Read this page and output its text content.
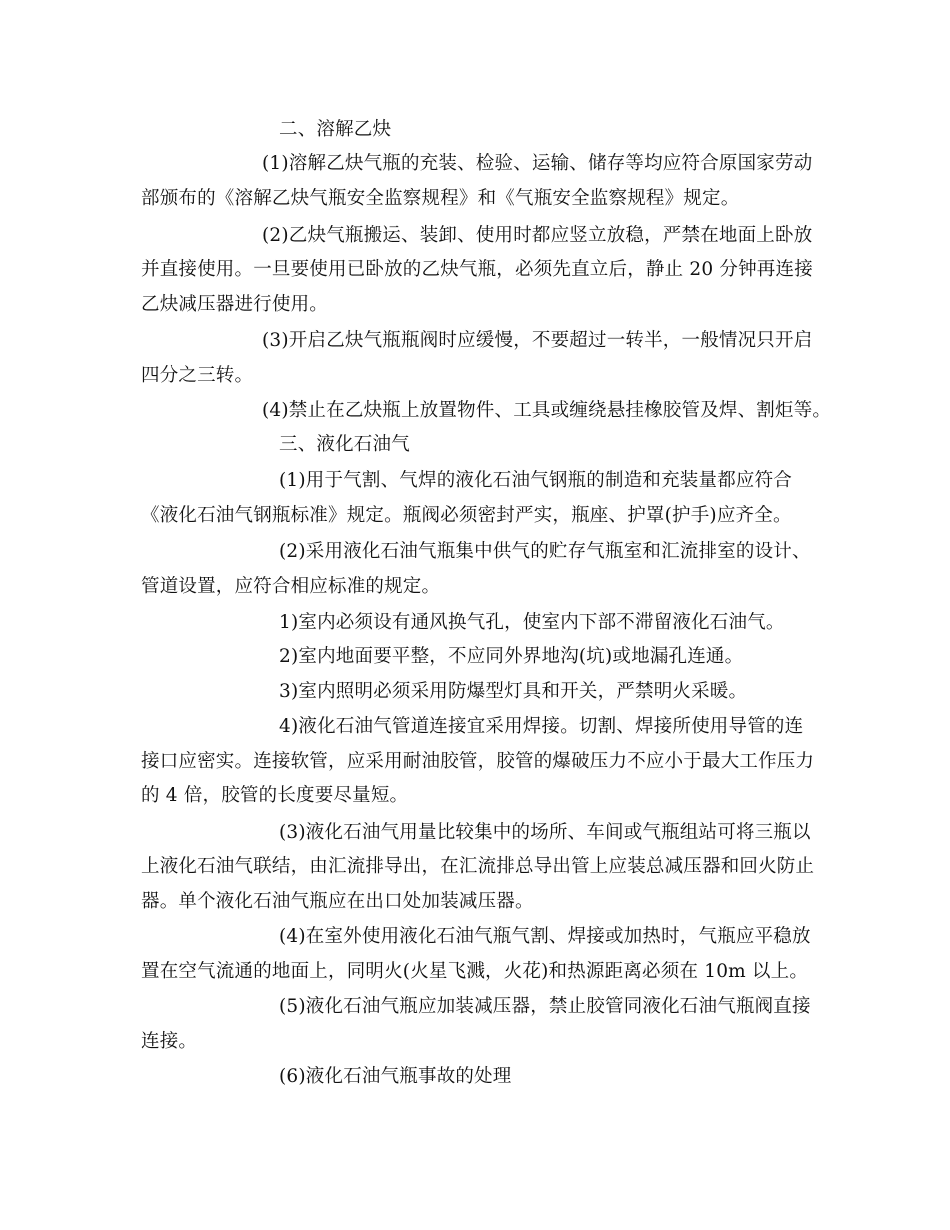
二、溶解乙炔
(1)溶解乙炔气瓶的充装、检验、运输、储存等均应符合原国家劳动
部颁布的《溶解乙炔气瓶安全监察规程》和《气瓶安全监察规程》规定。
(2)乙炔气瓶搬运、装卸、使用时都应竖立放稳，严禁在地面上卧放
并直接使用。一旦要使用已卧放的乙炔气瓶，必须先直立后，静止 20 分钟再连接
乙炔减压器进行使用。
(3)开启乙炔气瓶瓶阀时应缓慢，不要超过一转半，一般情况只开启
四分之三转。
(4)禁止在乙炔瓶上放置物件、工具或缠绕悬挂橡胶管及焊、割炬等。
三、液化石油气
(1)用于气割、气焊的液化石油气钢瓶的制造和充装量都应符合
《液化石油气钢瓶标准》规定。瓶阀必须密封严实，瓶座、护罩(护手)应齐全。
(2)采用液化石油气瓶集中供气的贮存气瓶室和汇流排室的设计、
管道设置，应符合相应标准的规定。
1)室内必须设有通风换气孔，使室内下部不滞留液化石油气。
2)室内地面要平整，不应同外界地沟(坑)或地漏孔连通。
3)室内照明必须采用防爆型灯具和开关，严禁明火采暖。
4)液化石油气管道连接宜采用焊接。切割、焊接所使用导管的连
接口应密实。连接软管，应采用耐油胶管，胶管的爆破压力不应小于最大工作压力
的 4 倍，胶管的长度要尽量短。
(3)液化石油气用量比较集中的场所、车间或气瓶组站可将三瓶以
上液化石油气联结，由汇流排导出，在汇流排总导出管上应装总减压器和回火防止
器。单个液化石油气瓶应在出口处加装减压器。
(4)在室外使用液化石油气瓶气割、焊接或加热时，气瓶应平稳放
置在空气流通的地面上，同明火(火星飞溅，火花)和热源距离必须在 10m 以上。
(5)液化石油气瓶应加装减压器，禁止胶管同液化石油气瓶阀直接
连接。
(6)液化石油气瓶事故的处理
